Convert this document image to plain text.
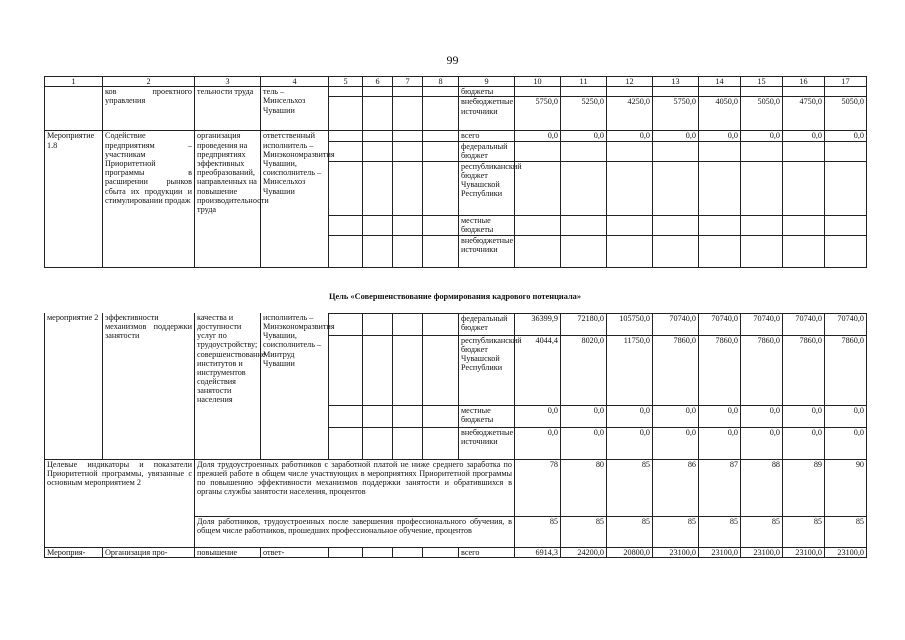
99
1	2	3	4	5	6	7	8	9	10	11	12	13	14	15	16	17
	ков проектного управления	тельности труда	тель – Минсельхоз Чувашии					бюджеты								
								внебюджетные источники	5750,0	5250,0	4250,0	5750,0	4050,0	5050,0	4750,0	5050,0
Мероприятие 1.8	Содействие предприятиям – участникам Приоритетной программы в расширении рынков сбыта их продукции и стимулировании продаж	организация проведения на предприятиях эффективных преобразований, направленных на повышение производительности труда	ответственный исполнитель – Минэкономразвития Чувашии, соисполнитель – Минсельхоз Чувашии					всего	0,0	0,0	0,0	0,0	0,0	0,0	0,0	0,0
								федеральный бюджет								
								республиканский бюджет Чувашской Республики								
								местные бюджеты								
								внебюджетные источники								

мероприятие 2	эффективности механизмов поддержки занятости	качества и доступности услуг по трудоустройству; совершенствование институтов и инструментов содействия занятости населения	исполнитель – Минэкономразвития Чувашии, соисполнитель – Минтруд Чувашии													
								федеральный бюджет	36399,9	72180,0	105750,0	70740,0	70740,0	70740,0	70740,0	70740,0
								республиканский бюджет Чувашской Республики	4044,4	8020,0	11750,0	7860,0	7860,0	7860,0	7860,0	7860,0
								местные бюджеты	0,0	0,0	0,0	0,0	0,0	0,0	0,0	0,0
								внебюджетные источники	0,0	0,0	0,0	0,0	0,0	0,0	0,0	0,0
Целевые индикаторы и показатели Приоритетной программы, увязанные с основным мероприятием 2		Доля трудоустроенных работников с заработной платой не ниже среднего заработка по прежней работе в общем числе участвующих в мероприятиях Приоритетной программы по повышению эффективности механизмов поддержки занятости и обратившихся в органы службы занятости населения, процентов							78	80	85	86	87	88	89	90
		Доля работников, трудоустроенных после завершения профессионального обучения, в общем числе работников, прошедших профессиональное обучение, процентов							85	85	85	85	85	85	85	85
Мероприя-	Организация про-	повышение	ответ-					всего	6914,3	24200,0	20800,0	23100,0	23100,0	23100,0	23100,0	23100,0
Цель «Совершенствование формирования кадрового потенциала»
